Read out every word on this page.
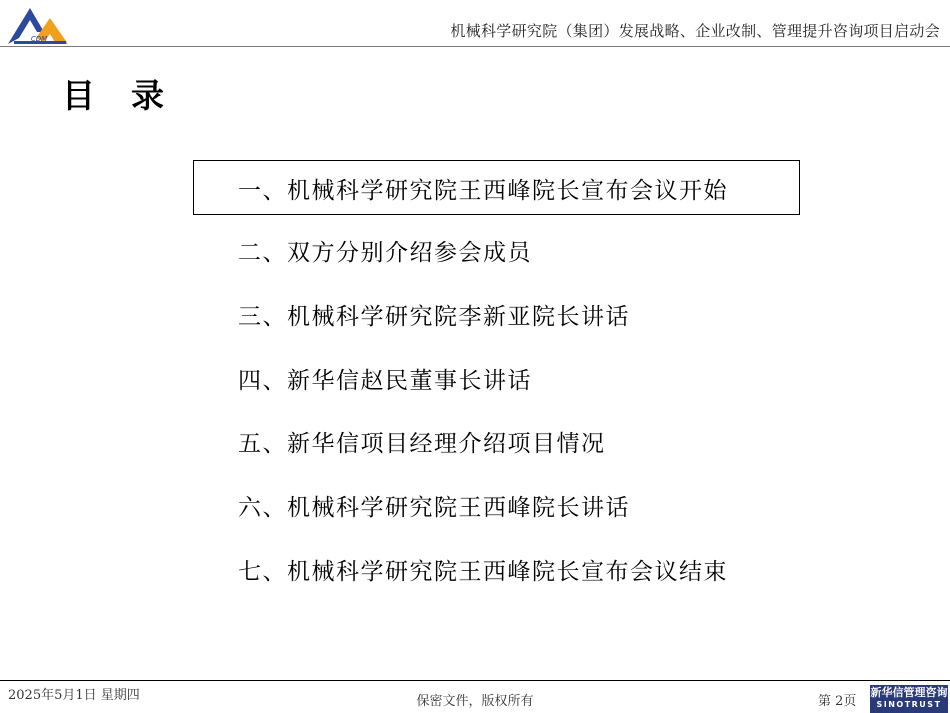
CDM	机械科学研究院（集团）发展战略、企业改制、管理提升咨询项目启动会
目录
一、机械科学研究院王西峰院长宣布会议开始
二、双方分别介绍参会成员
三、机械科学研究院李新亚院长讲话
四、新华信赵民董事长讲话
五、新华信项目经理介绍项目情况
六、机械科学研究院王西峰院长讲话
七、机械科学研究院王西峰院长宣布会议结束
2025年5月1日 星期四	保密文件，版权所有	第 2页
新华信管理咨询
SINOTRUST
